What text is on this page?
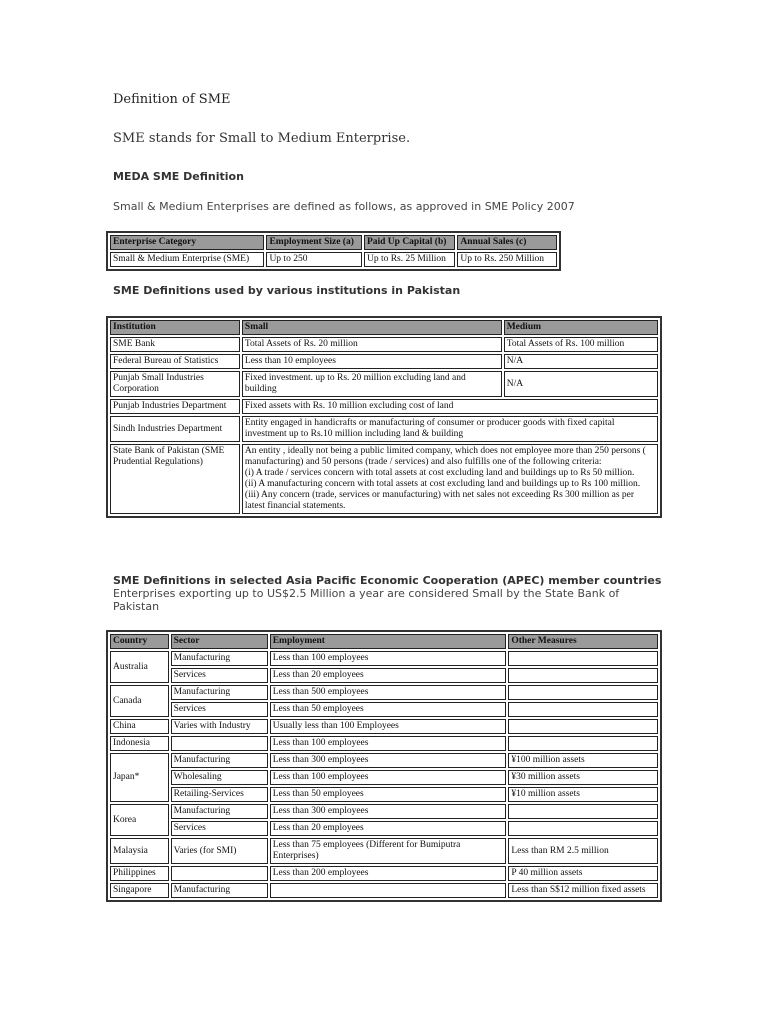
Definition of SME
SME stands for Small to Medium Enterprise.
MEDA SME Definition
Small & Medium Enterprises are defined as follows, as approved in SME Policy 2007
Enterprise Category	Employment Size (a)	Paid Up Capital (b)	Annual Sales (c)
Small & Medium Enterprise (SME)	Up to 250	Up to Rs. 25 Million	Up to Rs. 250 Million
SME Definitions used by various institutions in Pakistan
Institution	Small	Medium
SME Bank	Total Assets of Rs. 20 million	Total Assets of Rs. 100 million
Federal Bureau of Statistics	Less than 10 employees	N/A
Punjab Small Industries Corporation	Fixed investment. up to Rs. 20 million excluding land and building	N/A
Punjab Industries Department	Fixed assets with Rs. 10 million excluding cost of land	
Sindh Industries Department	Entity engaged in handicrafts or manufacturing of consumer or producer goods with fixed capital investment up to Rs.10 million including land & building	
State Bank of Pakistan (SME Prudential Regulations)	An entity , ideally not being a public limited company, which does not employee more than 250 persons ( manufacturing) and 50 persons (trade / services) and also fulfills one of the following criteria:
(i) A trade / services concern with total assets at cost excluding land and buildings up to Rs 50 million.
(ii) A manufacturing concern with total assets at cost excluding land and buildings up to Rs 100 million.
(iii) Any concern (trade, services or manufacturing) with net sales not exceeding Rs 300 million as per latest financial statements.	
SME Definitions in selected Asia Pacific Economic Cooperation (APEC) member countries
Enterprises exporting up to US$2.5 Million a year are considered Small by the State Bank of Pakistan
Country	Sector	Employment	Other Measures
Australia	Manufacturing	Less than 100 employees	
	Services	Less than 20 employees	
Canada	Manufacturing	Less than 500 employees	
	Services	Less than 50 employees	
China	Varies with Industry	Usually less than 100 Employees	
Indonesia		Less than 100 employees	
Japan*	Manufacturing	Less than 300 employees	¥100 million assets
	Wholesaling	Less than 100 employees	¥30 million assets
	Retailing-Services	Less than 50 employees	¥10 million assets
Korea	Manufacturing	Less than 300 employees	
	Services	Less than 20 employees	
Malaysia	Varies (for SMI)	Less than 75 employees (Different for Bumiputra Enterprises)	Less than RM 2.5 million
Philippines		Less than 200 employees	P 40 million assets
Singapore	Manufacturing		Less than S$12 million fixed assets
